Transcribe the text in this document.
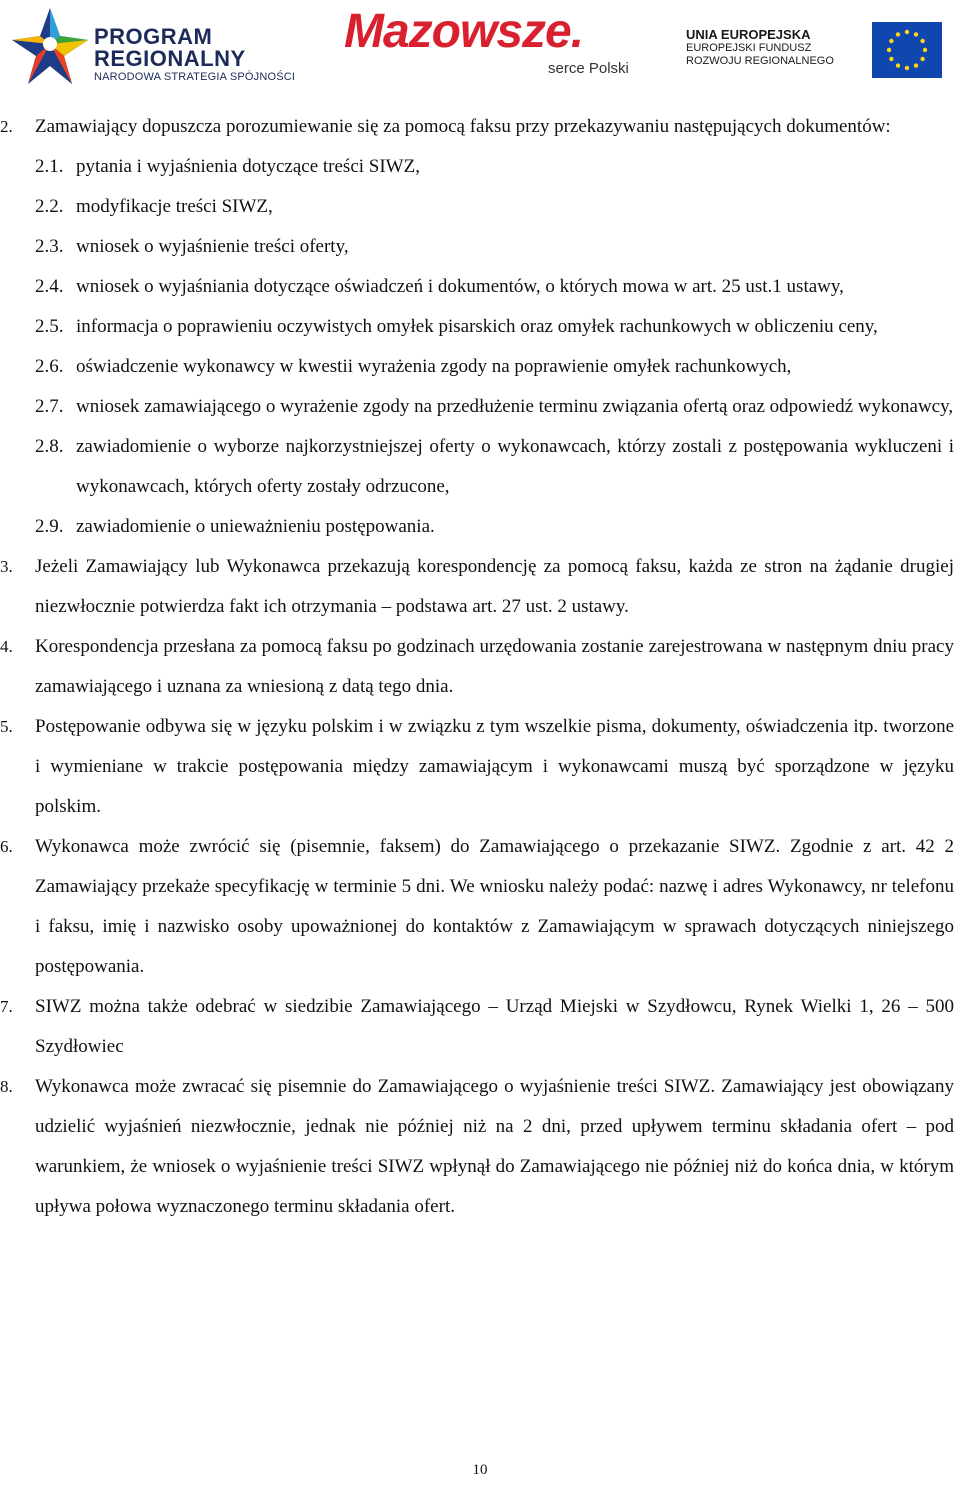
PROGRAM
REGIONALNY
NARODOWA STRATEGIA SPÓJNOŚCI
Mazowsze.
serce Polski
UNIA EUROPEJSKA
EUROPEJSKI FUNDUSZ
ROZWOJU REGIONALNEGO
2. Zamawiający dopuszcza porozumiewanie się za pomocą faksu przy przekazywaniu następujących dokumentów:
2.1. pytania i wyjaśnienia dotyczące treści SIWZ,
2.2. modyfikacje treści SIWZ,
2.3. wniosek o wyjaśnienie treści oferty,
2.4. wniosek o wyjaśniania dotyczące oświadczeń i dokumentów, o których mowa w art. 25 ust.1 ustawy,
2.5. informacja o poprawieniu oczywistych omyłek pisarskich oraz omyłek rachunkowych w obliczeniu ceny,
2.6. oświadczenie wykonawcy w kwestii wyrażenia zgody na poprawienie omyłek rachunkowych,
2.7. wniosek zamawiającego o wyrażenie zgody na przedłużenie terminu związania ofertą oraz odpowiedź wykonawcy,
2.8. zawiadomienie o wyborze najkorzystniejszej oferty o wykonawcach, którzy zostali z postępowania wykluczeni i wykonawcach, których oferty zostały odrzucone,
2.9. zawiadomienie o unieważnieniu postępowania.
3. Jeżeli Zamawiający lub Wykonawca przekazują korespondencję za pomocą faksu, każda ze stron na żądanie drugiej niezwłocznie potwierdza fakt ich otrzymania – podstawa art. 27 ust. 2 ustawy.
4. Korespondencja przesłana za pomocą faksu po godzinach urzędowania zostanie zarejestrowana w następnym dniu pracy zamawiającego i uznana za wniesioną z datą tego dnia.
5. Postępowanie odbywa się w języku polskim i w związku z tym wszelkie pisma, dokumenty, oświadczenia itp. tworzone i wymieniane w trakcie postępowania między zamawiającym i wykonawcami muszą być sporządzone w języku polskim.
6. Wykonawca może zwrócić się (pisemnie, faksem) do Zamawiającego o przekazanie SIWZ. Zgodnie z art. 42 2 Zamawiający przekaże specyfikację w terminie 5 dni. We wniosku należy podać: nazwę i adres Wykonawcy, nr telefonu i faksu, imię i nazwisko osoby upoważnionej do kontaktów z Zamawiającym w sprawach dotyczących niniejszego postępowania.
7. SIWZ można także odebrać w siedzibie Zamawiającego – Urząd Miejski w Szydłowcu, Rynek Wielki 1, 26 – 500 Szydłowiec
8. Wykonawca może zwracać się pisemnie do Zamawiającego o wyjaśnienie treści SIWZ. Zamawiający jest obowiązany udzielić wyjaśnień niezwłocznie, jednak nie później niż na 2 dni, przed upływem terminu składania ofert – pod warunkiem, że wniosek o wyjaśnienie treści SIWZ wpłynął do Zamawiającego nie później niż do końca dnia, w którym upływa połowa wyznaczonego terminu składania ofert.
10
